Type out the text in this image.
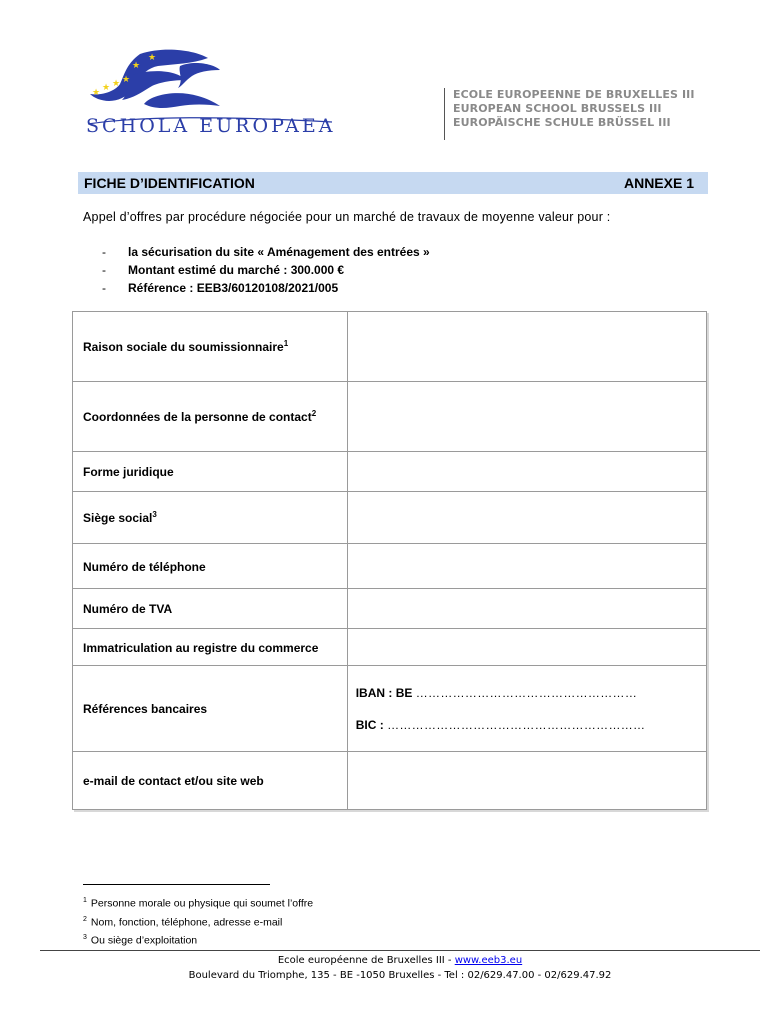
★ ★ ★ ★
★
★
SCHOLA EUROPAEA
ECOLE EUROPEENNE DE BRUXELLES III
EUROPEAN SCHOOL BRUSSELS III
EUROPÄISCHE SCHULE BRÜSSEL III
FICHE D’IDENTIFICATION	ANNEXE 1
Appel d’offres par procédure négociée pour un marché de travaux de moyenne valeur pour :
-	la sécurisation du site « Aménagement des entrées »
-	Montant estimé du marché : 300.000 €
-	Référence : EEB3/60120108/2021/005
Raison sociale du soumissionnaire$^1$	
Coordonnées de la personne de contact$^2$	
Forme juridique	
Siège social$^3$	
Numéro de téléphone	
Numéro de TVA	
Immatriculation au registre du commerce	
Références bancaires	IBAN : BE ………………………………………………
BIC : ………………………………………………………

e-mail de contact et/ou site web	
$^1$ Personne morale ou physique qui soumet l’offre
$^2$ Nom, fonction, téléphone, adresse e-mail
$^3$ Ou siège d’exploitation
Ecole européenne de Bruxelles III - www.eeb3.eu
Boulevard du Triomphe, 135 - BE -1050 Bruxelles - Tel : 02/629.47.00 - 02/629.47.92
